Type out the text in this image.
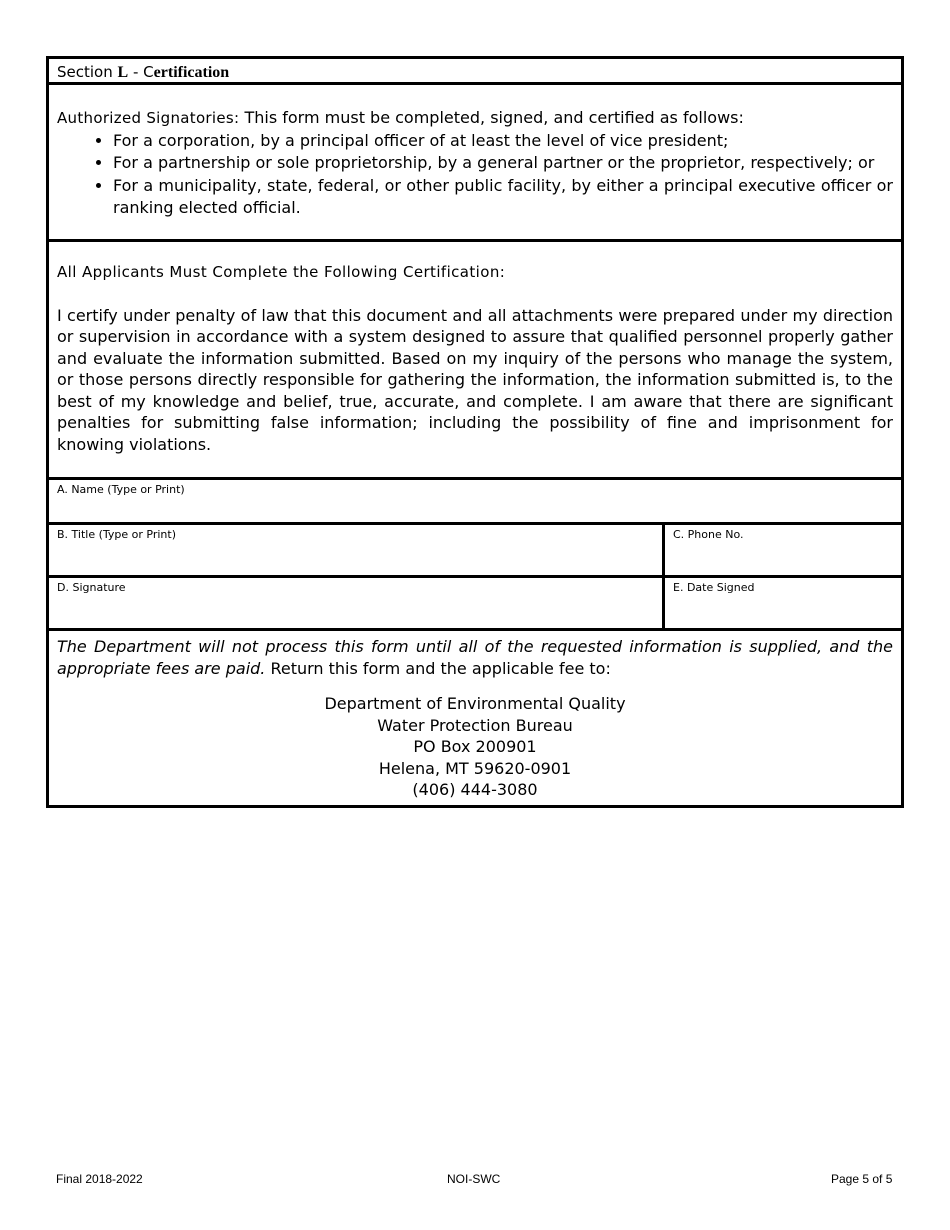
Section L - Certification
Authorized Signatories: This form must be completed, signed, and certified as follows:
• For a corporation, by a principal officer of at least the level of vice president;
• For a partnership or sole proprietorship, by a general partner or the proprietor, respectively; or
• For a municipality, state, federal, or other public facility, by either a principal executive officer or ranking elected official.
All Applicants Must Complete the Following Certification:
I certify under penalty of law that this document and all attachments were prepared under my direction or supervision in accordance with a system designed to assure that qualified personnel properly gather and evaluate the information submitted. Based on my inquiry of the persons who manage the system, or those persons directly responsible for gathering the information, the information submitted is, to the best of my knowledge and belief, true, accurate, and complete. I am aware that there are significant penalties for submitting false information; including the possibility of fine and imprisonment for knowing violations.
A. Name (Type or Print)
B. Title (Type or Print)	C. Phone No.
D. Signature	E. Date Signed
The Department will not process this form until all of the requested information is supplied, and the appropriate fees are paid. Return this form and the applicable fee to:
Department of Environmental Quality
Water Protection Bureau
PO Box 200901
Helena, MT 59620-0901
(406) 444-3080
Final 2018-2022	NOI-SWC	Page 5 of 5
